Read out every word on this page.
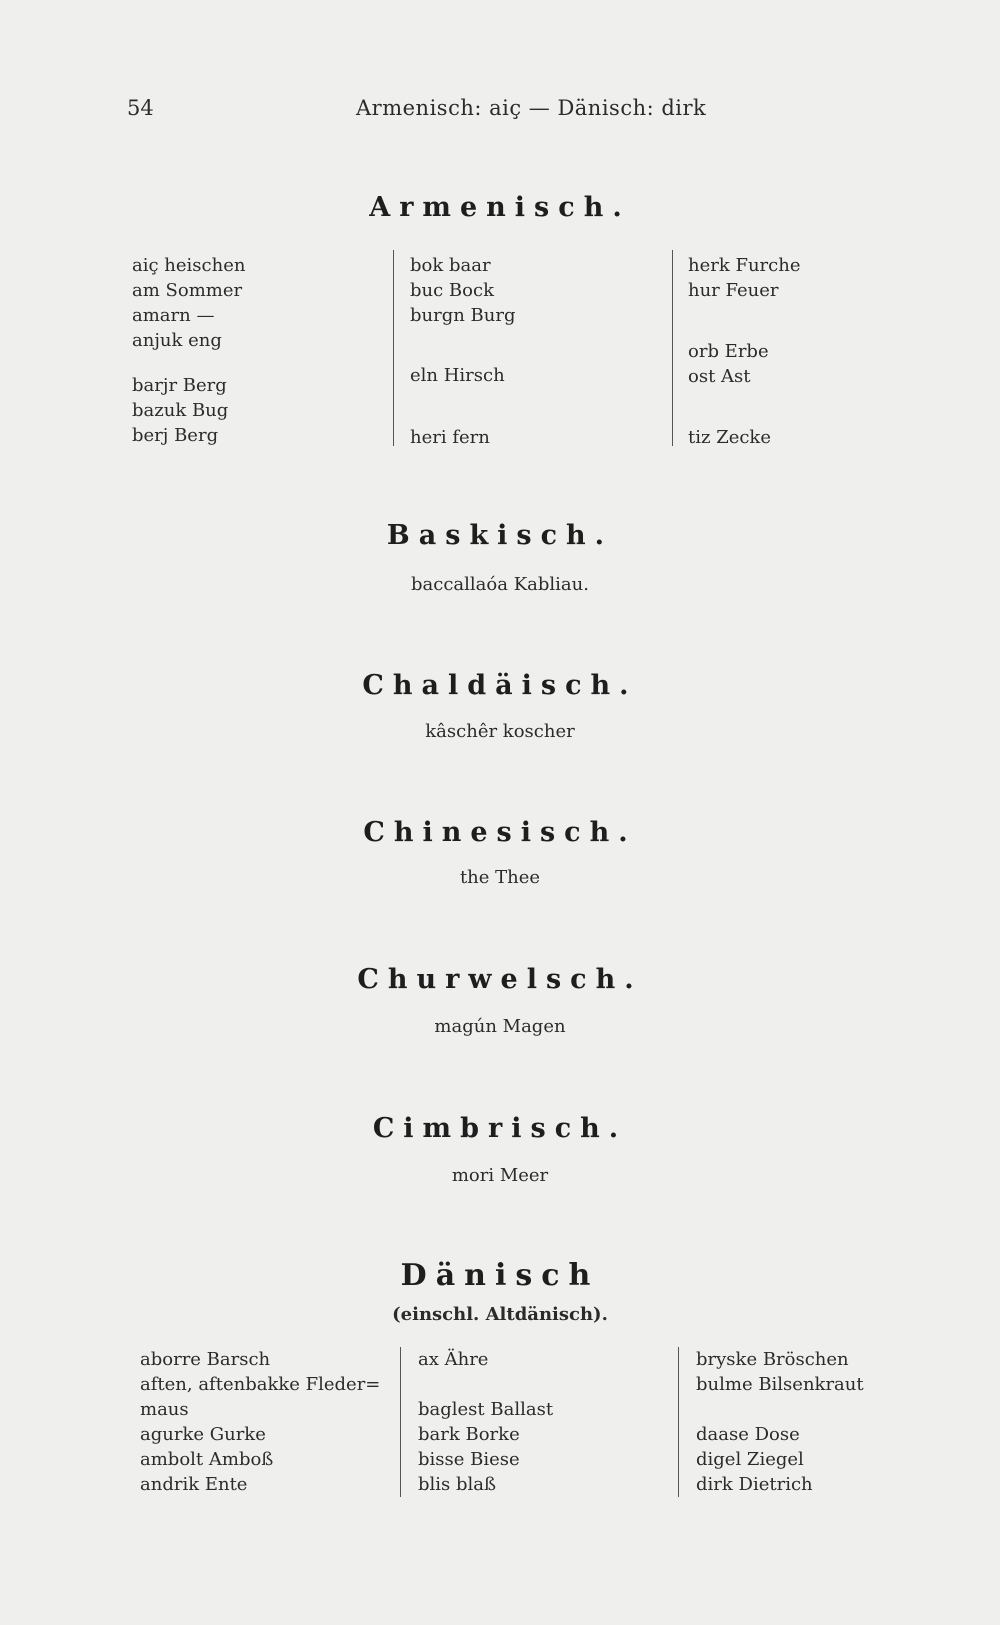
54	Armenisch: aiç — Dänisch: dirk
Armenisch.
aiç heischen
am Sommer
amarn —
anjuk eng
barjr Berg
bazuk Bug
berj Berg
bok baar
buc Bock
burgn Burg
eln Hirsch
heri fern
herk Furche
hur Feuer
orb Erbe
ost Ast
tiz Zecke
Baskisch.
baccallaóa Kabliau.
Chaldäisch.
kâschêr koscher
Chinesisch.
the Thee
Churwelsch.
magún Magen
Cimbrisch.
mori Meer
Dänisch
(einschl. Altdänisch).
aborre Barsch
aften, aftenbakke Fleder=
maus
agurke Gurke
ambolt Amboß
andrik Ente
ax Ähre
baglest Ballast
bark Borke
bisse Biese
blis blaß
bryske Bröschen
bulme Bilsenkraut
daase Dose
digel Ziegel
dirk Dietrich
